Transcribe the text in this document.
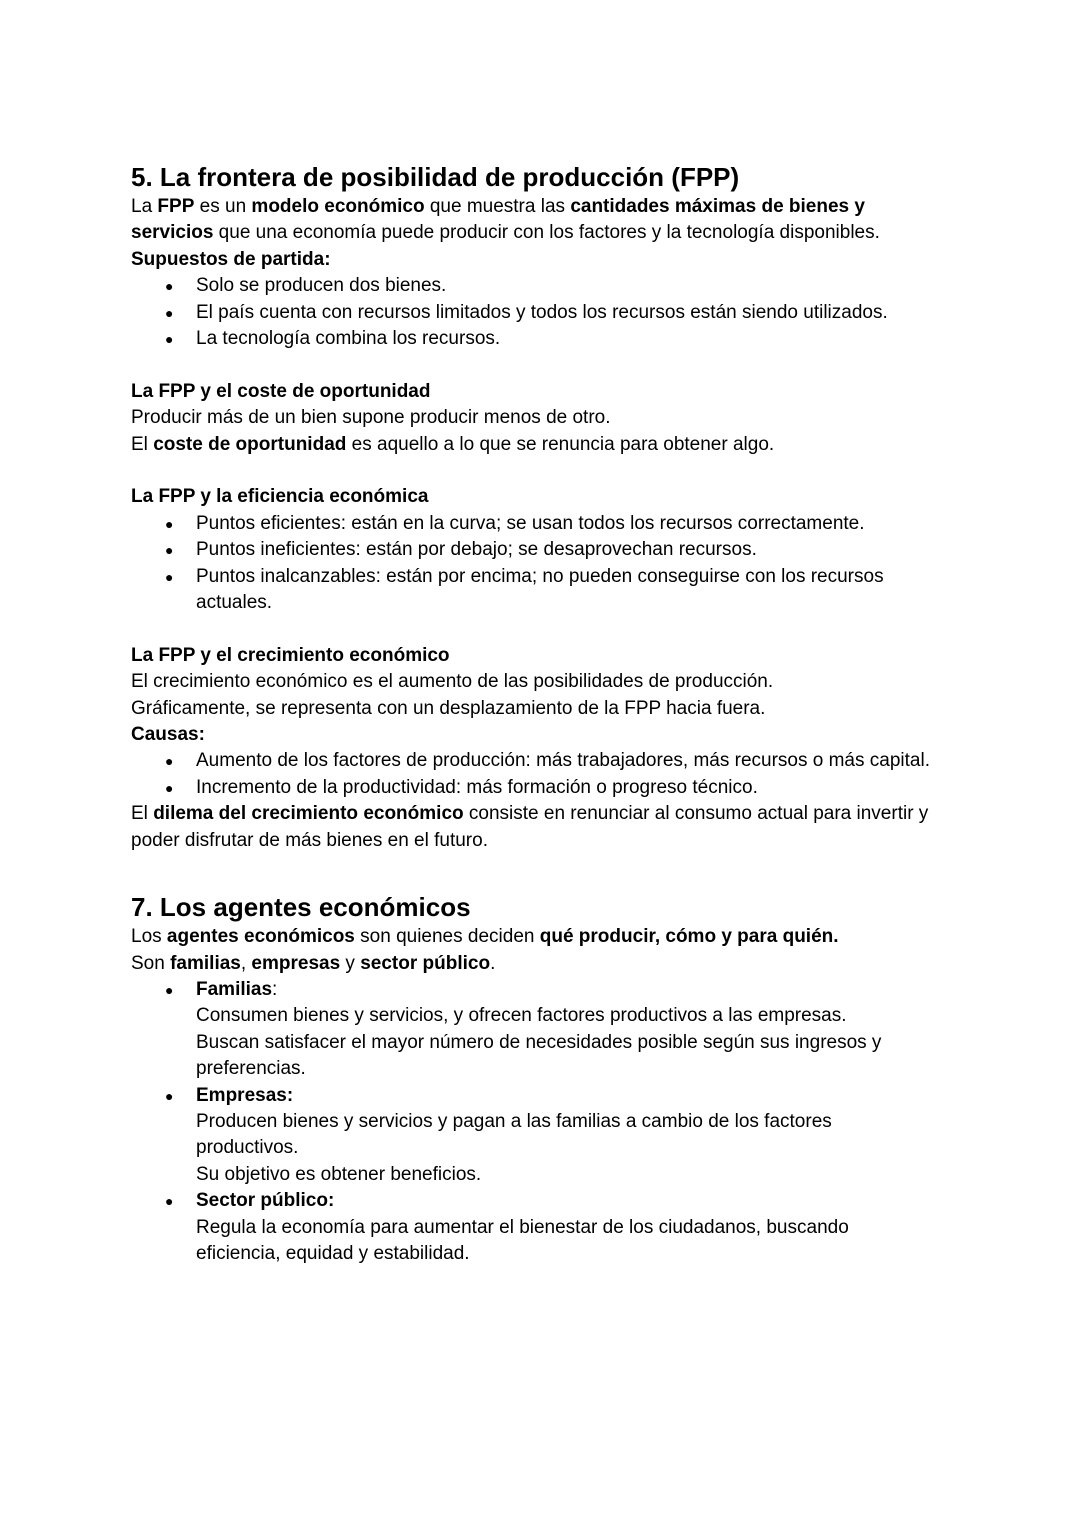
5. La frontera de posibilidad de producción (FPP)

La FPP es un modelo económico que muestra las cantidades máximas de bienes y servicios que una economía puede producir con los factores y la tecnología disponibles.

Supuestos de partida:
● Solo se producen dos bienes.
● El país cuenta con recursos limitados y todos los recursos están siendo utilizados.
● La tecnología combina los recursos.
La FPP y el coste de oportunidad

Producir más de un bien supone producir menos de otro.

El coste de oportunidad es aquello a lo que se renuncia para obtener algo.

La FPP y la eficiencia económica
● Puntos eficientes: están en la curva; se usan todos los recursos correctamente.
● Puntos ineficientes: están por debajo; se desaprovechan recursos.
● Puntos inalcanzables: están por encima; no pueden conseguirse con los recursos actuales.
La FPP y el crecimiento económico

El crecimiento económico es el aumento de las posibilidades de producción.

Gráficamente, se representa con un desplazamiento de la FPP hacia fuera.

Causas:
● Aumento de los factores de producción: más trabajadores, más recursos o más capital.
● Incremento de la productividad: más formación o progreso técnico.

El dilema del crecimiento económico consiste en renunciar al consumo actual para invertir y poder disfrutar de más bienes en el futuro.

7. Los agentes económicos

Los agentes económicos son quienes deciden qué producir, cómo y para quién.

Son familias, empresas y sector público.

● Familias:
Consumen bienes y servicios, y ofrecen factores productivos a las empresas.
Buscan satisfacer el mayor número de necesidades posible según sus ingresos y preferencias.
● Empresas:
Producen bienes y servicios y pagan a las familias a cambio de los factores productivos.
Su objetivo es obtener beneficios.
● Sector público:
Regula la economía para aumentar el bienestar de los ciudadanos, buscando eficiencia, equidad y estabilidad.
